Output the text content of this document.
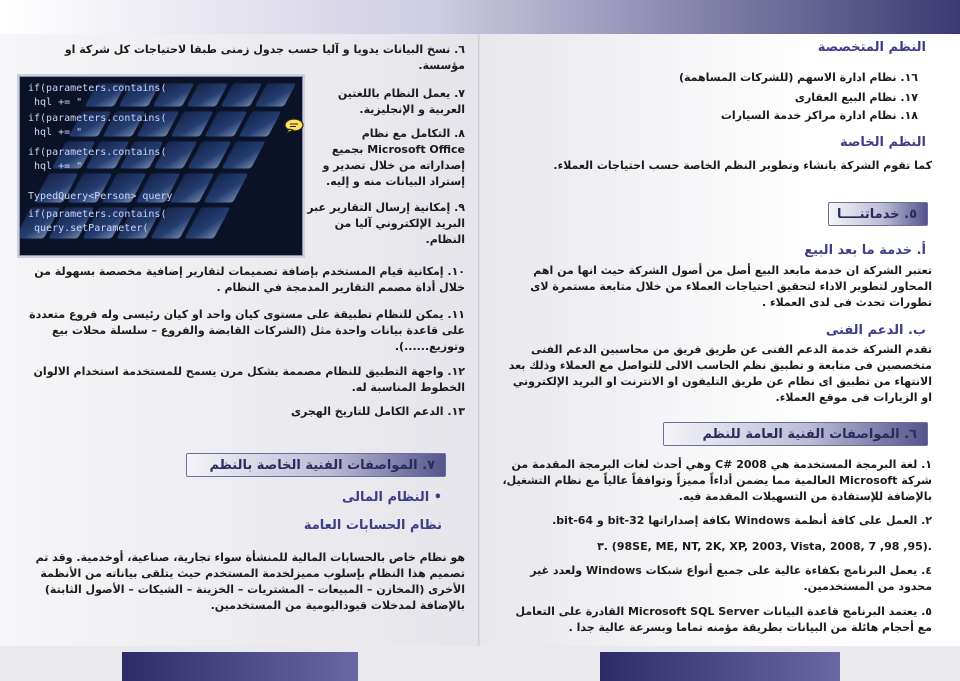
٦. نسخ البيانات يدويا و آليا حسب جدول زمنى طبقا لاحتياجات كل شركة او مؤسسة.

if(parameters.contains(
hql += "
if(parameters.contains(
hql += "
if(parameters.contains(
hql += "
TypedQuery<Person> query
if(parameters.contains(
query.setParameter(

٧. يعمل النظام باللغتين العربية و الإنجليزية.

٨. التكامل مع نظام Microsoft Office بجميع إصداراته من خلال تصدير و إستراد البيانات منه و إليه.

٩. إمكانية إرسال التقارير عبر البريد الإلكتروني آليا من النظام.

١٠. إمكانية قيام المستخدم بإضافة تصميمات لتقارير إضافية مخصصة بسهولة من خلال أداة مصمم التقارير المدمجة في النظام .

١١. يمكن للنظام تطبيقة على مستوى كيان واحد او كيان رئيسى وله فروع متعددة على قاعدة بيانات واحدة مثل (الشركات القابضة والفروع – سلسلة محلات بيع وتوزيع......).

١٢. واجهة التطبيق للنظام مصممة بشكل مرن يسمح للمستخدمة استخدام الالوان الخطوط المناسبة له.

١٣. الدعم الكامل للتاريخ الهجرى

٧. المواصفات الفنية الخاصة بالنظم

• النظام المالى

نظام الحسابات العامة

هو نظام خاص بالحسابات المالية للمنشأة سواء تجارية، صناعية، أوخدمية. وقد تم تصميم هذا النظام بإسلوب مميزلخدمة المستخدم حيث يتلقى بياناته من الأنظمة الأخرى (المخازن – المبيعات – المشتريات – الخزينة – الشيكات – الأصول الثابتة) بالإضافة لمدخلات قيوداليومية من المستخدمين.

النظم المتخصصة

١٦. نظام ادارة الاسهم (للشركات المساهمة)

١٧. نظام البيع العقارى

١٨. نظام ادارة مراكز خدمة السيارات

النظم الخاصة

كما تقوم الشركة بانشاء وتطوير النظم الخاصة حسب احتياجات العملاء.

٥. خدماتنــــا

أ. خدمة ما بعد البيع

تعتبر الشركة ان خدمة مابعد البيع أصل من أصول الشركة حيث انها من اهم المحاور لتطوير الاداء لتحقيق احتياجات العملاء من خلال متابعة مستمرة لاى تطورات تحدث فى لدى العملاء .

ب. الدعم الفنى

تقدم الشركة خدمة الدعم الفنى عن طريق فريق من محاسبين الدعم الفنى متخصصين فى متابعة و تطبيق نظم الحاسب الالى للتواصل مع العملاء وذلك بعد الانتهاء من تطبيق اى نظام عن طريق التليفون او الانترنت او البريد الإلكتروني او الزيارات فى موقع العملاء.

٦. المواصفات الفنية العامة للنظم

١. لغة البرمجة المستخدمة هي C# 2008 وهي أحدث لغات البرمجة المقدمة من شركة Microsoft العالمية مما يضمن أداءاً مميزاً وتوافقاً عالياً مع نظام التشغيل، بالإضافة للإستفادة من التسهيلات المقدمة فيه.

٢. العمل على كافة أنظمة Windows بكافة إصداراتها 32-bit و 64-bit.

٣. (98SE, ME, NT, 2K, XP, 2003, Vista, 2008, 7 ,98 ,95).

٤. يعمل البرنامج بكفاءة عالية على جميع أنواع شبكات Windows ولعدد غير محدود من المستخدمين.

٥. يعتمد البرنامج قاعدة البيانات Microsoft SQL Server القادرة على التعامل مع أحجام هائلة من البيانات بطريقة مؤمنه تماما وبسرعة عالية جدا .
